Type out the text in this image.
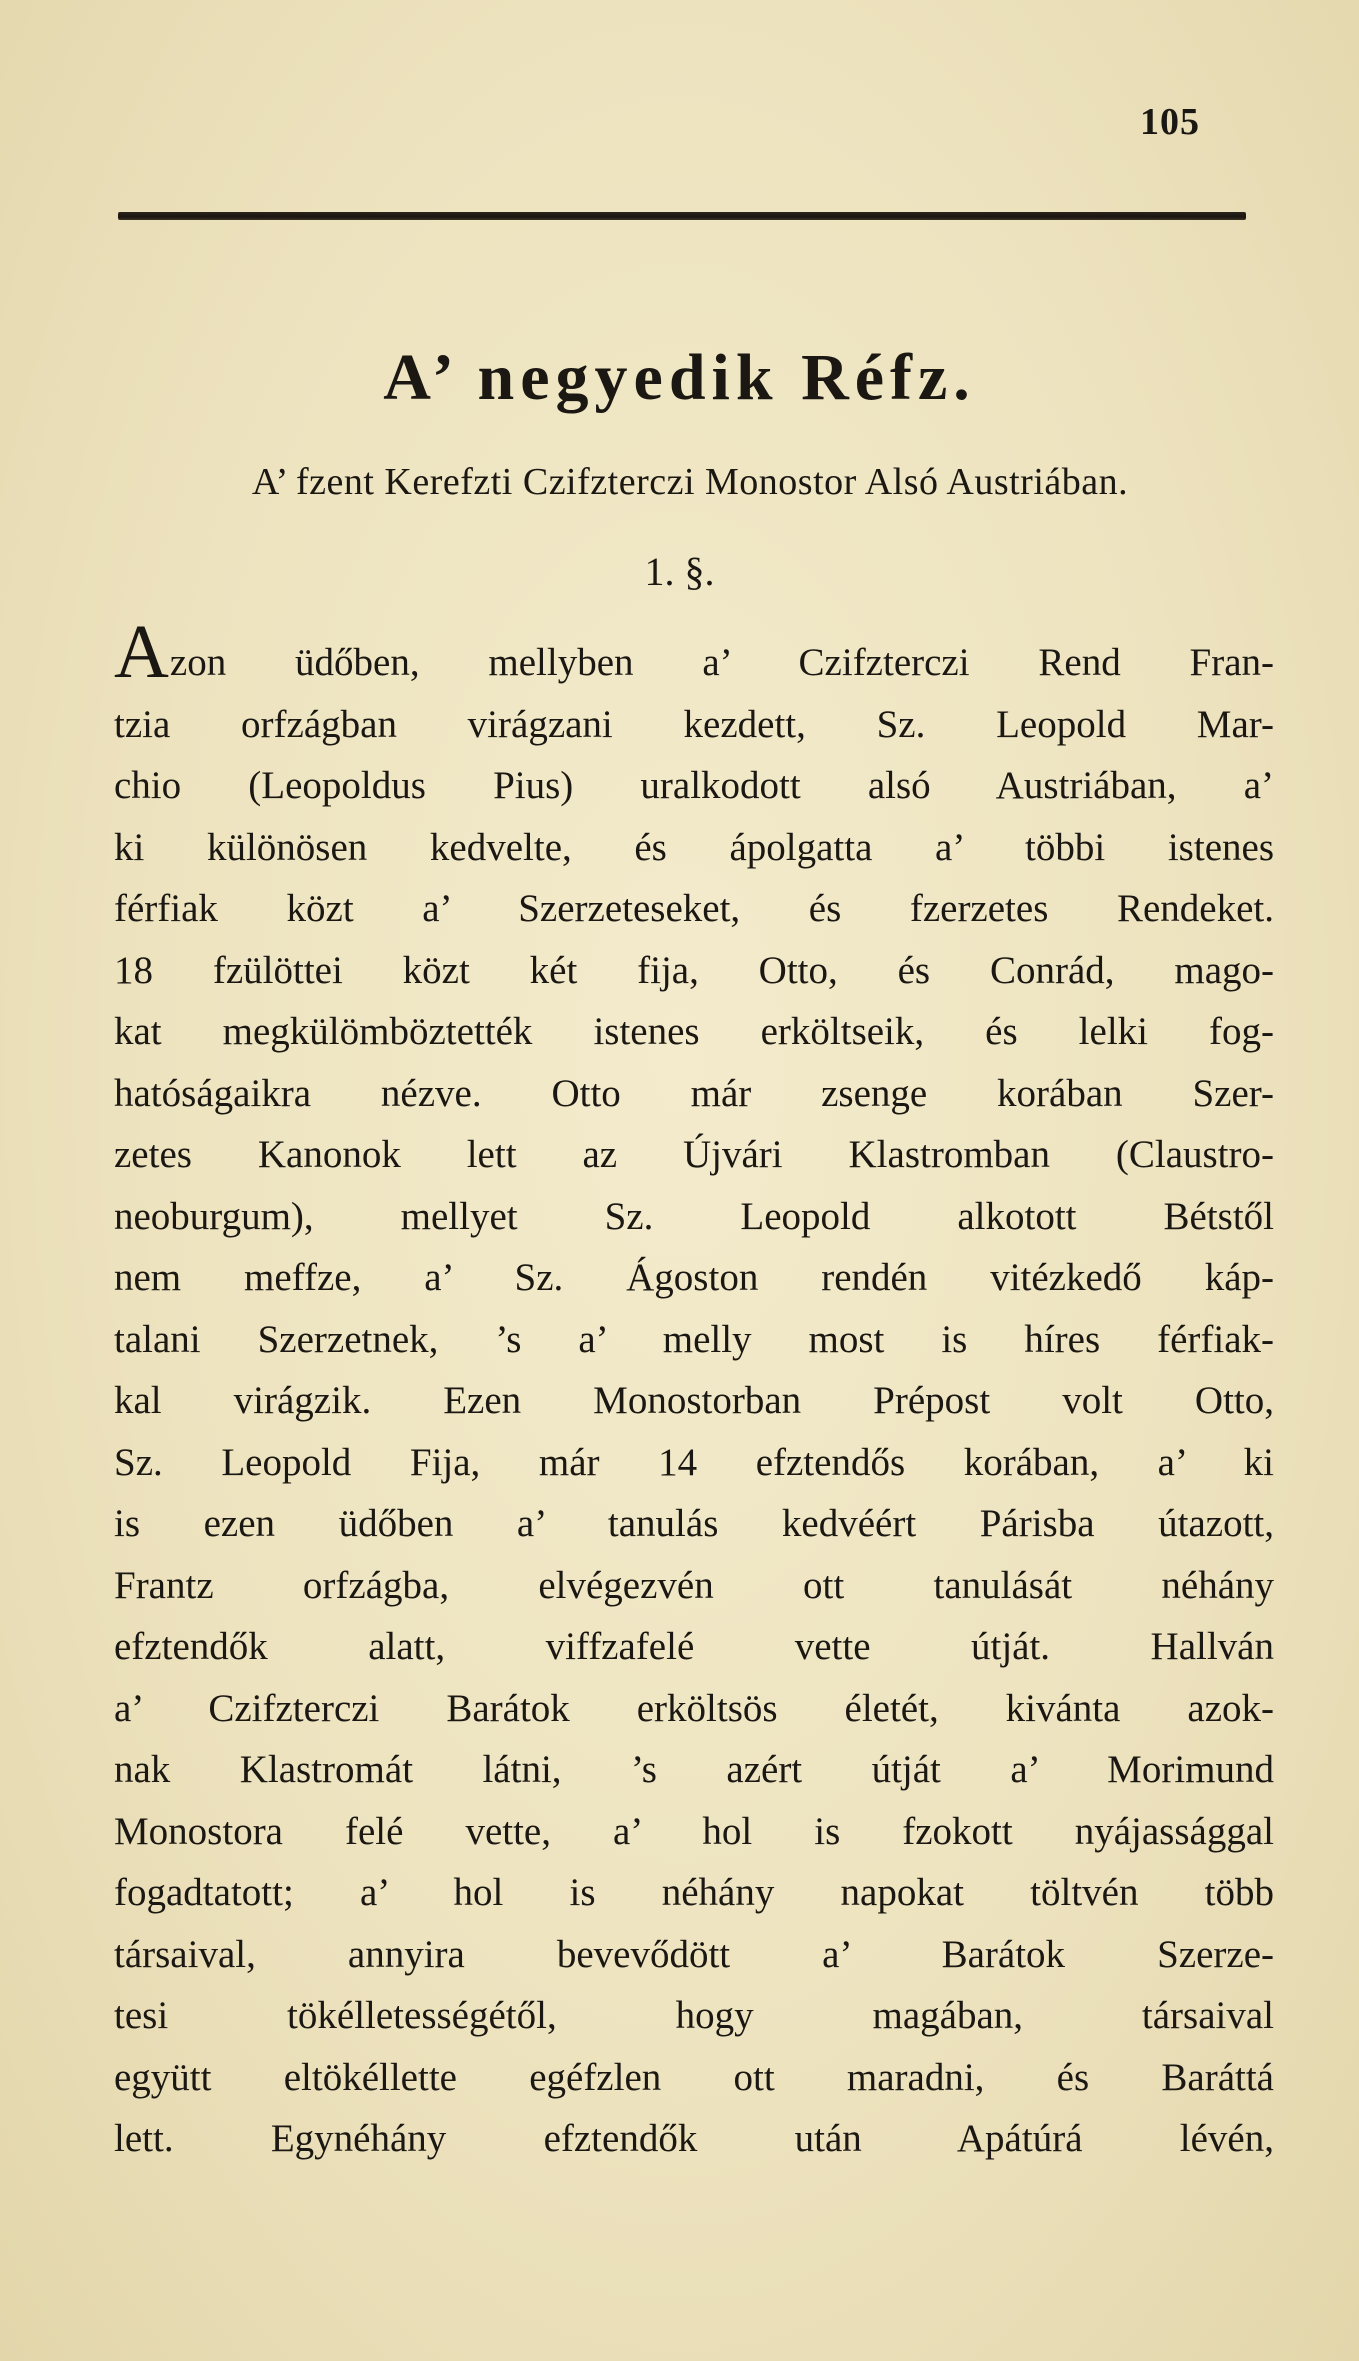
105
A’ negyedik Réfz.
A’ fzent Kerefzti Czifzterczi Monostor Alsó Austriában.
1. §.
Azon üdőben, mellyben a’ Czifzterczi Rend Fran-
tzia orfzágban virágzani kezdett, Sz. Leopold Mar-
chio (Leopoldus Pius) uralkodott alsó Austriában, a’
ki különösen kedvelte, és ápolgatta a’ többi istenes
férfiak közt a’ Szerzeteseket, és fzerzetes Rendeket.
18 fzülöttei közt két fija, Otto, és Conrád, mago-
kat megkülömböztették istenes erköltseik, és lelki fog-
hatóságaikra nézve. Otto már zsenge korában Szer-
zetes Kanonok lett az Újvári Klastromban (Claustro-
neoburgum), mellyet Sz. Leopold alkotott Bétstől
nem meffze, a’ Sz. Ágoston rendén vitézkedő káp-
talani Szerzetnek, ’s a’ melly most is híres férfiak-
kal virágzik. Ezen Monostorban Prépost volt Otto,
Sz. Leopold Fija, már 14 efztendős korában, a’ ki
is ezen üdőben a’ tanulás kedvéért Párisba útazott,
Frantz orfzágba, elvégezvén ott tanulását néhány
efztendők alatt, viffzafelé vette útját. Hallván
a’ Czifzterczi Barátok erköltsös életét, kivánta azok-
nak Klastromát látni, ’s azért útját a’ Morimund
Monostora felé vette, a’ hol is fzokott nyájassággal
fogadtatott; a’ hol is néhány napokat töltvén több
társaival, annyira bevevődött a’ Barátok Szerze-
tesi tökélletességétől, hogy magában, társaival
együtt eltökéllette egéfzlen ott maradni, és Baráttá
lett. Egynéhány efztendők után Apátúrá lévén,
